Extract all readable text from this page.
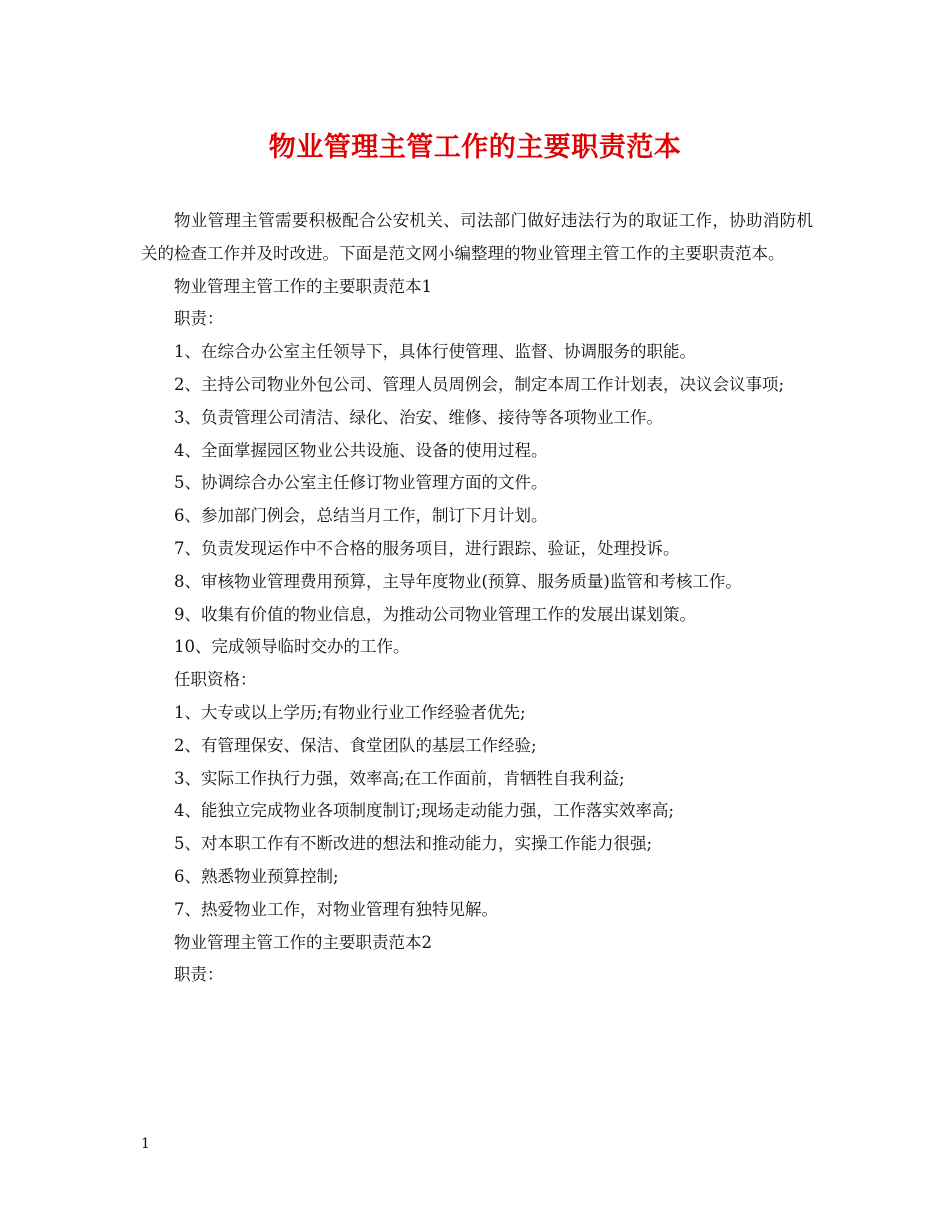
物业管理主管工作的主要职责范本

物业管理主管需要积极配合公安机关、司法部门做好违法行为的取证工作，协助消防机关的检查工作并及时改进。下面是范文网小编整理的物业管理主管工作的主要职责范本。

物业管理主管工作的主要职责范本1

职责：

1、在综合办公室主任领导下，具体行使管理、监督、协调服务的职能。

2、主持公司物业外包公司、管理人员周例会，制定本周工作计划表，决议会议事项;

3、负责管理公司清洁、绿化、治安、维修、接待等各项物业工作。

4、全面掌握园区物业公共设施、设备的使用过程。

5、协调综合办公室主任修订物业管理方面的文件。

6、参加部门例会，总结当月工作，制订下月计划。

7、负责发现运作中不合格的服务项目，进行跟踪、验证，处理投诉。

8、审核物业管理费用预算，主导年度物业(预算、服务质量)监管和考核工作。

9、收集有价值的物业信息，为推动公司物业管理工作的发展出谋划策。

10、完成领导临时交办的工作。

任职资格：

1、大专或以上学历;有物业行业工作经验者优先;

2、有管理保安、保洁、食堂团队的基层工作经验;

3、实际工作执行力强，效率高;在工作面前，肯牺牲自我利益;

4、能独立完成物业各项制度制订;现场走动能力强，工作落实效率高;

5、对本职工作有不断改进的想法和推动能力，实操工作能力很强;

6、熟悉物业预算控制;

7、热爱物业工作，对物业管理有独特见解。

物业管理主管工作的主要职责范本2

职责：

1
